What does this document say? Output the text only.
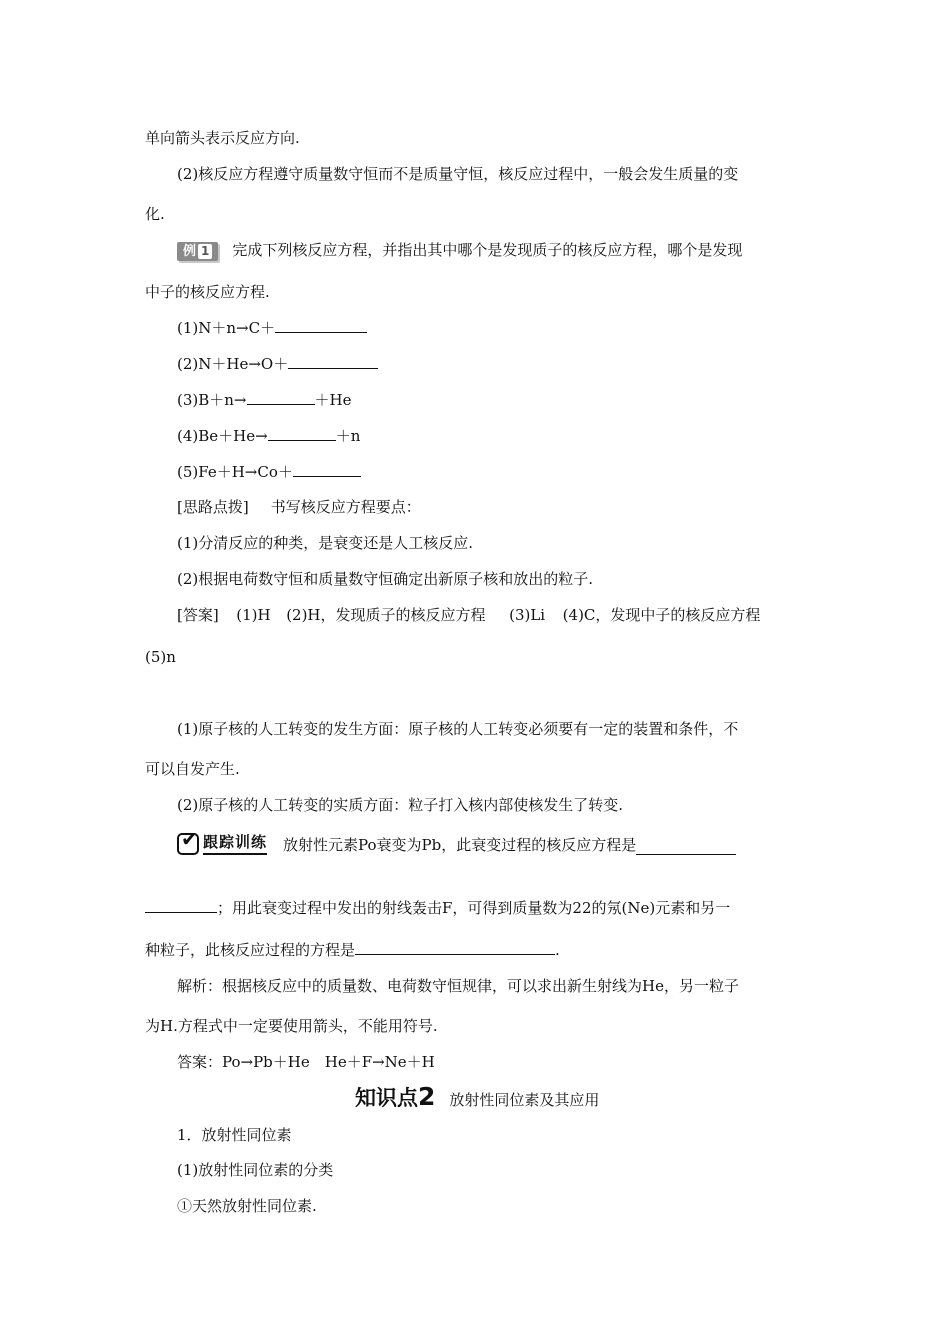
单向箭头表示反应方向.
(2)核反应方程遵守质量数守恒而不是质量守恒，核反应过程中，一般会发生质量的变
化.
例 1 完成下列核反应方程，并指出其中哪个是发现质子的核反应方程，哪个是发现
中子的核反应方程.
(1)N＋n→C＋
(2)N＋He→O＋
(3)B＋n→	＋He
(4)Be＋He→	＋n
(5)Fe＋H→Co＋
[思路点拨] 书写核反应方程要点：
(1)分清反应的种类，是衰变还是人工核反应.
(2)根据电荷数守恒和质量数守恒确定出新原子核和放出的粒子.
[答案] (1)H (2)H，发现质子的核反应方程 (3)Li (4)C，发现中子的核反应方程
(5)n
(1)原子核的人工转变的发生方面：原子核的人工转变必须要有一定的装置和条件，不
可以自发产生.
(2)原子核的人工转变的实质方面：粒子打入核内部使核发生了转变.
✔
跟踪训练 放射性元素Po衰变为Pb，此衰变过程的核反应方程是
；用此衰变过程中发出的射线轰击F，可得到质量数为22的氖(Ne)元素和另一
种粒子，此核反应过程的方程是	.
解析：根据核反应中的质量数、电荷数守恒规律，可以求出新生射线为He，另一粒子
为H.方程式中一定要使用箭头，不能用符号.
答案：Po→Pb＋He　He＋F→Ne＋H
知识点 2 放射性同位素及其应用
1．放射性同位素
(1)放射性同位素的分类
①天然放射性同位素.
